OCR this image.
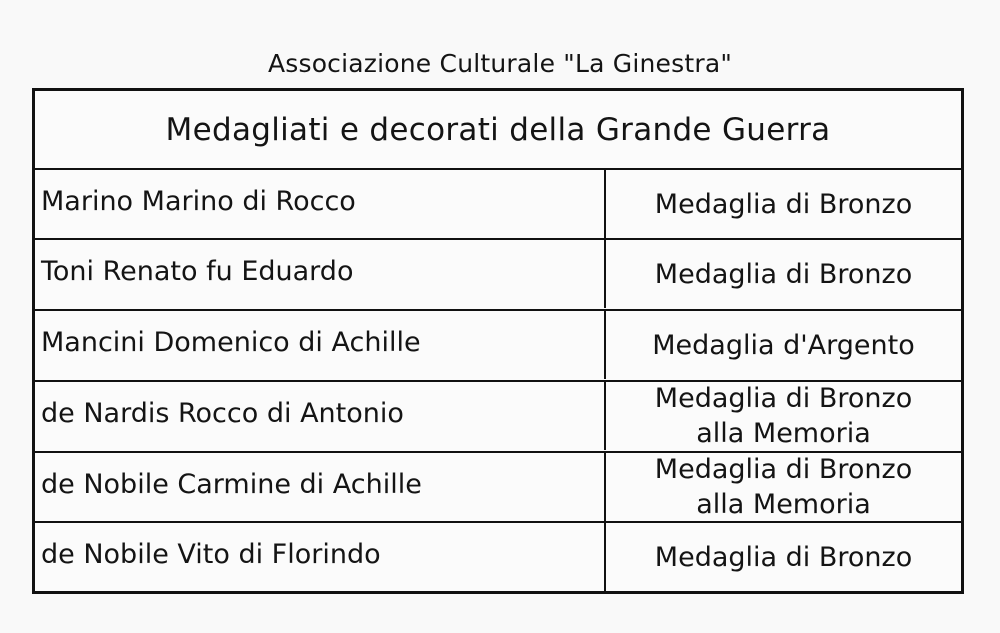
Associazione Culturale "La Ginestra"
Medagliati e decorati della Grande Guerra
Marino Marino di Rocco	Medaglia di Bronzo
Toni Renato fu Eduardo	Medaglia di Bronzo
Mancini Domenico di Achille	Medaglia d'Argento
de Nardis Rocco di Antonio	Medaglia di Bronzo
alla Memoria
de Nobile Carmine di Achille	Medaglia di Bronzo
alla Memoria
de Nobile Vito di Florindo	Medaglia di Bronzo
